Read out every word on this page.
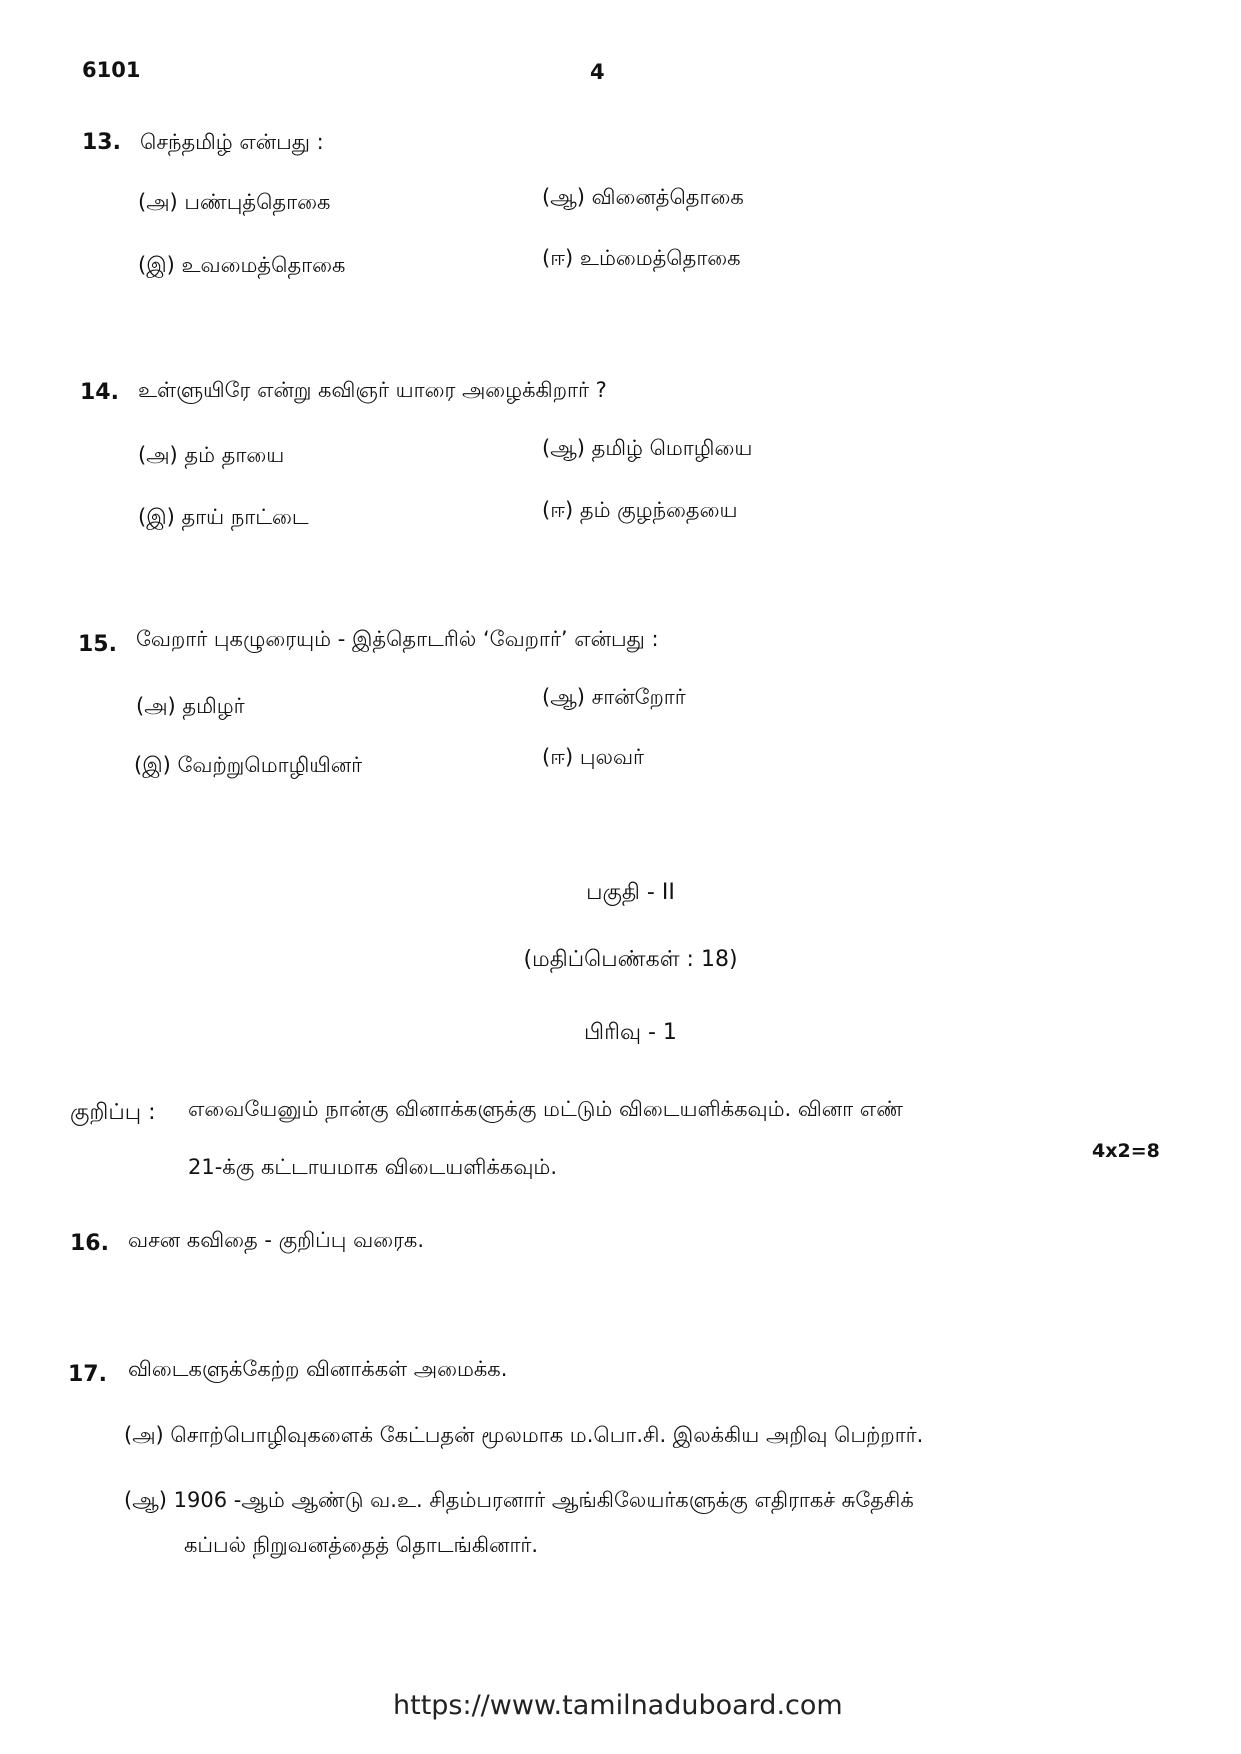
6101	4
13. செந்தமிழ் என்பது :
(அ) பண்புத்தொகை	(ஆ) வினைத்தொகை
(இ) உவமைத்தொகை	(ஈ) உம்மைத்தொகை
14. உள்ளுயிரே என்று கவிஞர் யாரை அழைக்கிறார் ?
(அ) தம் தாயை	(ஆ) தமிழ் மொழியை
(இ) தாய் நாட்டை	(ஈ) தம் குழந்தையை
15. வேறார் புகழுரையும் - இத்தொடரில் ‘வேறார்’ என்பது :
(அ) தமிழர்	(ஆ) சான்றோர்
(இ) வேற்றுமொழியினர்	(ஈ) புலவர்
பகுதி - II
(மதிப்பெண்கள் : 18)
பிரிவு - 1
குறிப்பு : எவையேனும் நான்கு வினாக்களுக்கு மட்டும் விடையளிக்கவும். வினா எண்
21-க்கு கட்டாயமாக விடையளிக்கவும்.
4x2=8
16. வசன கவிதை - குறிப்பு வரைக.
17. விடைகளுக்கேற்ற வினாக்கள் அமைக்க.
(அ) சொற்பொழிவுகளைக் கேட்பதன் மூலமாக ம.பொ.சி. இலக்கிய அறிவு பெற்றார்.
(ஆ) 1906 -ஆம் ஆண்டு வ.உ. சிதம்பரனார் ஆங்கிலேயர்களுக்கு எதிராகச் சுதேசிக்
கப்பல் நிறுவனத்தைத் தொடங்கினார்.
https://www.tamilnaduboard.com
